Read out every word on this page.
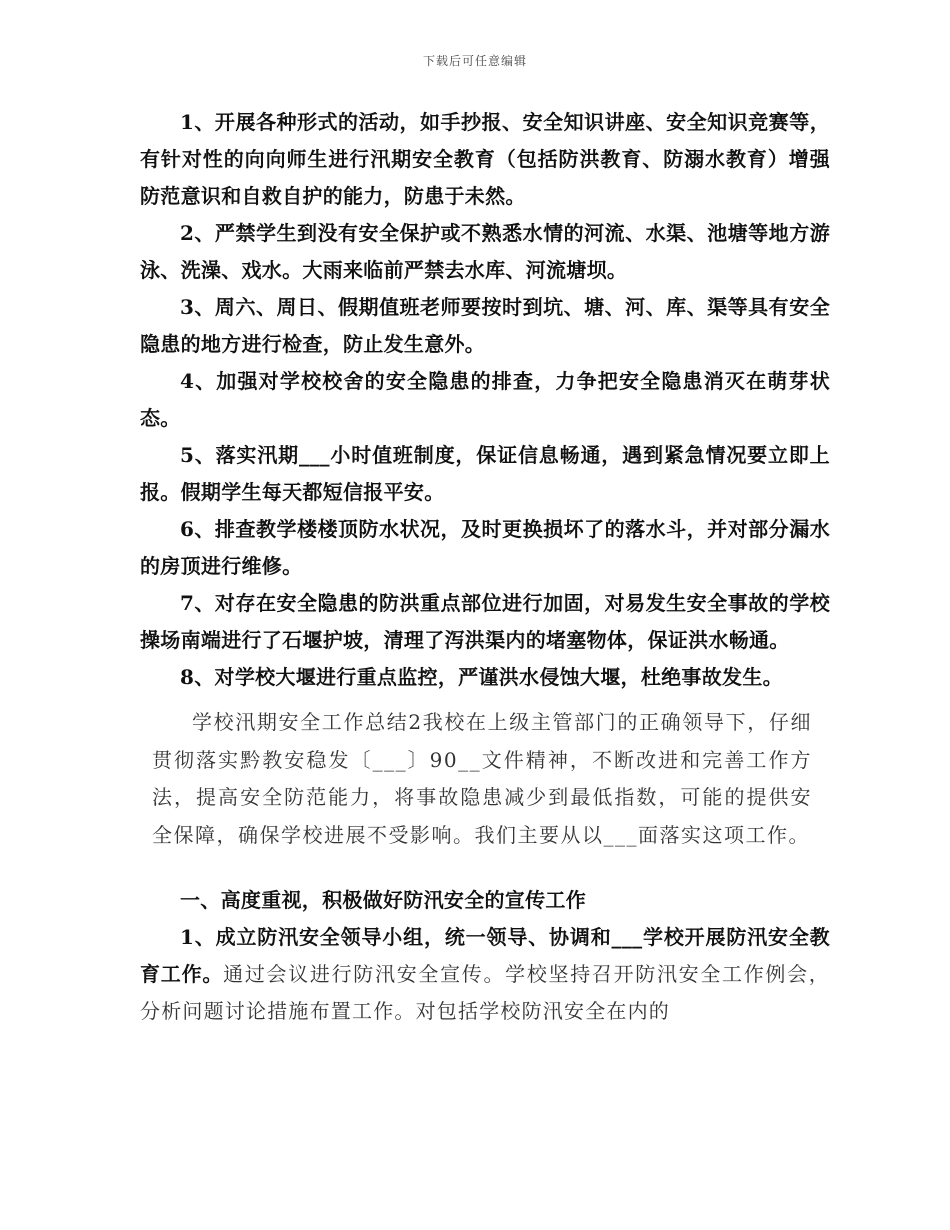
下载后可任意编辑

1、开展各种形式的活动，如手抄报、安全知识讲座、安全知识竞赛等，有针对性的向向师生进行汛期安全教育（包括防洪教育、防溺水教育）增强防范意识和自救自护的能力，防患于未然。

2、严禁学生到没有安全保护或不熟悉水情的河流、水渠、池塘等地方游泳、洗澡、戏水。大雨来临前严禁去水库、河流塘坝。

3、周六、周日、假期值班老师要按时到坑、塘、河、库、渠等具有安全隐患的地方进行检查，防止发生意外。

4、加强对学校校舍的安全隐患的排查，力争把安全隐患消灭在萌芽状态。

5、落实汛期___小时值班制度，保证信息畅通，遇到紧急情况要立即上报。假期学生每天都短信报平安。

6、排查教学楼楼顶防水状况，及时更换损坏了的落水斗，并对部分漏水的房顶进行维修。

7、对存在安全隐患的防洪重点部位进行加固，对易发生安全事故的学校操场南端进行了石堰护坡，清理了泻洪渠内的堵塞物体，保证洪水畅通。

8、对学校大堰进行重点监控，严谨洪水侵蚀大堰，杜绝事故发生。

学校汛期安全工作总结2我校在上级主管部门的正确领导下，仔细贯彻落实黔教安稳发〔___〕90__文件精神，不断改进和完善工作方法，提高安全防范能力，将事故隐患减少到最低指数，可能的提供安全保障，确保学校进展不受影响。我们主要从以___面落实这项工作。

一、高度重视，积极做好防汛安全的宣传工作

1、成立防汛安全领导小组，统一领导、协调和___学校开展防汛安全教育工作。通过会议进行防汛安全宣传。学校坚持召开防汛安全工作例会，分析问题讨论措施布置工作。对包括学校防汛安全在内的
